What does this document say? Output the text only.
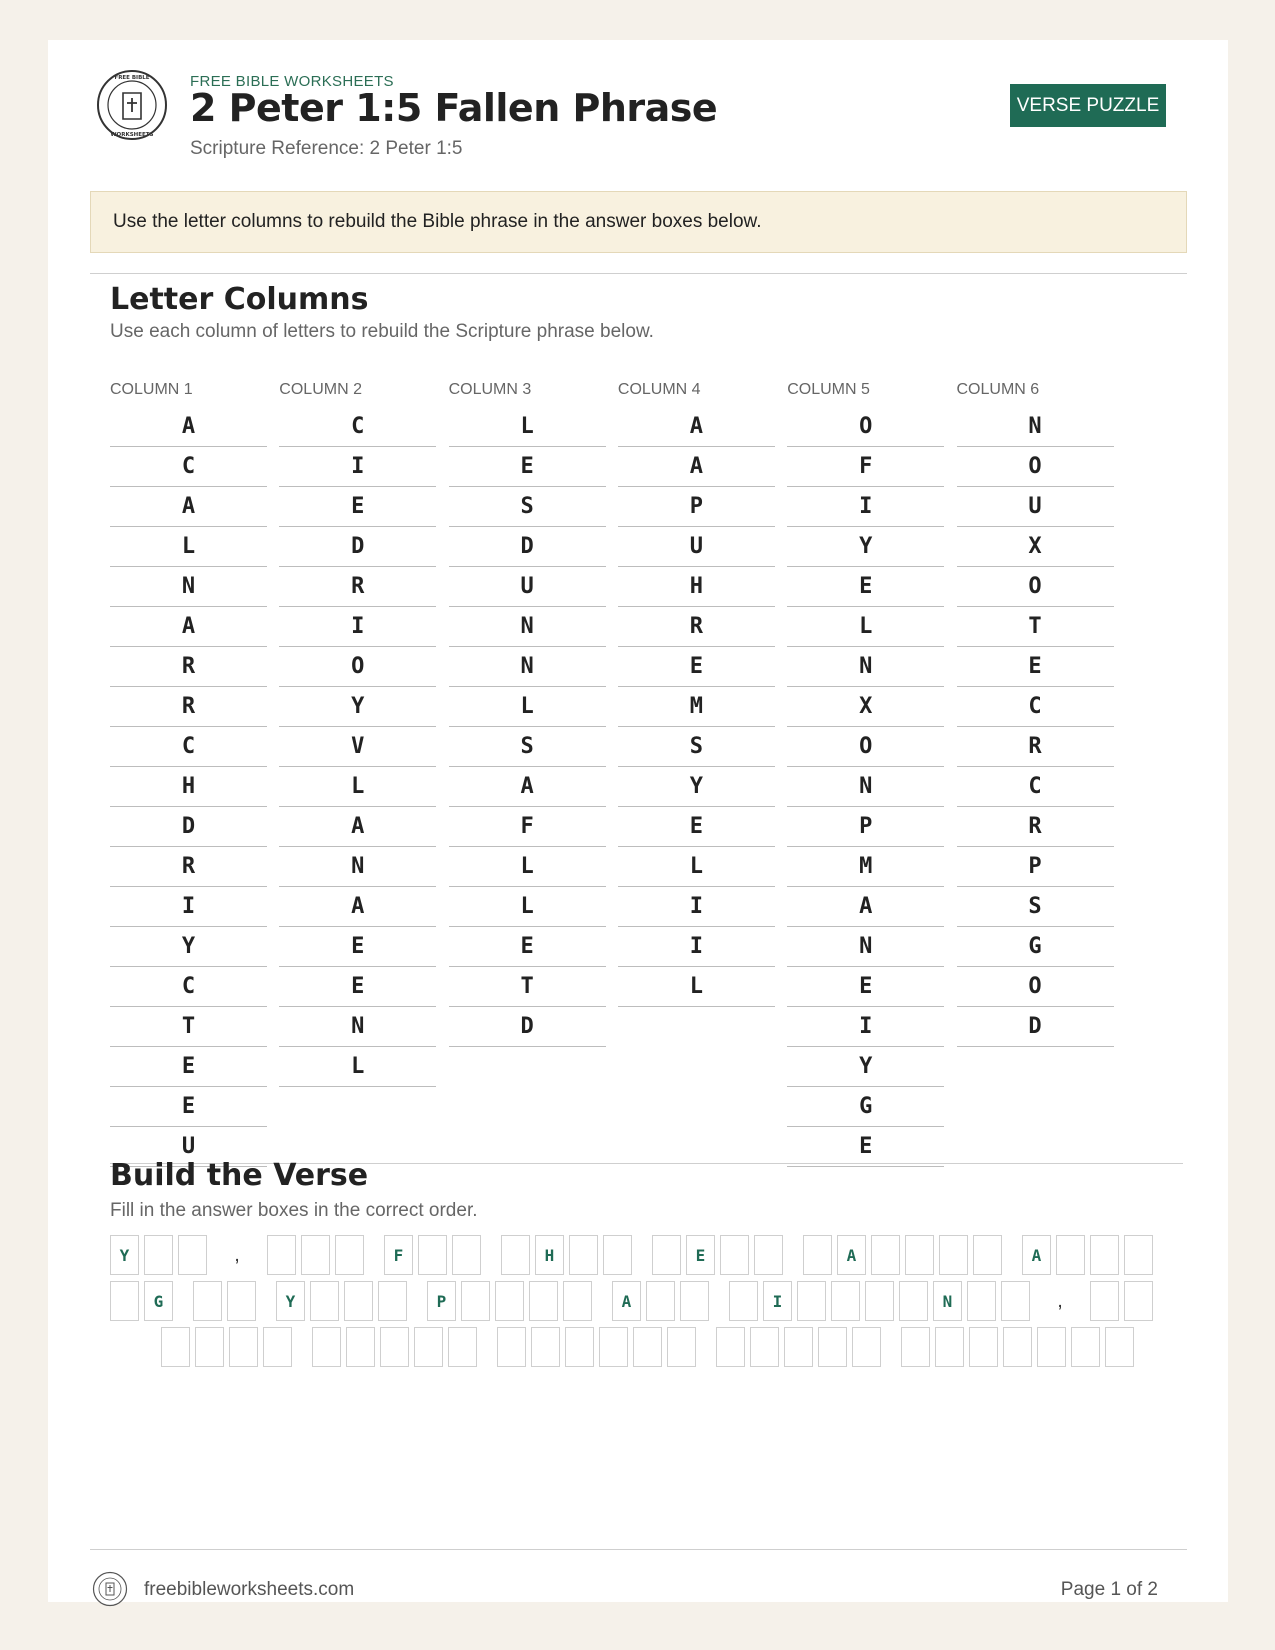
FREE BIBLE
WORKSHEETS
FREE BIBLE WORKSHEETS
2 Peter 1:5 Fallen Phrase
Scripture Reference: 2 Peter 1:5
VERSE PUZZLE
Use the letter columns to rebuild the Bible phrase in the answer boxes below.
Letter Columns
Use each column of letters to rebuild the Scripture phrase below.
COLUMN 1
A
C
A
L
N
A
R
R
C
H
D
R
I
Y
C
T
E
E
U
COLUMN 2
C
I
E
D
R
I
O
Y
V
L
A
N
A
E
E
N
L
COLUMN 3
L
E
S
D
U
N
N
L
S
A
F
L
L
E
T
D
COLUMN 4
A
A
P
U
H
R
E
M
S
Y
E
L
I
I
L
COLUMN 5
O
F
I
Y
E
L
N
X
O
N
P
M
A
N
E
I
Y
G
E
COLUMN 6
N
O
U
X
O
T
E
C
R
C
R
P
S
G
O
D
Build the Verse
Fill in the answer boxes in the correct order.
Y	,	F	H	E	A	A
G	Y	P	A	I	N	,
freebibleworksheets.com	Page 1 of 2
